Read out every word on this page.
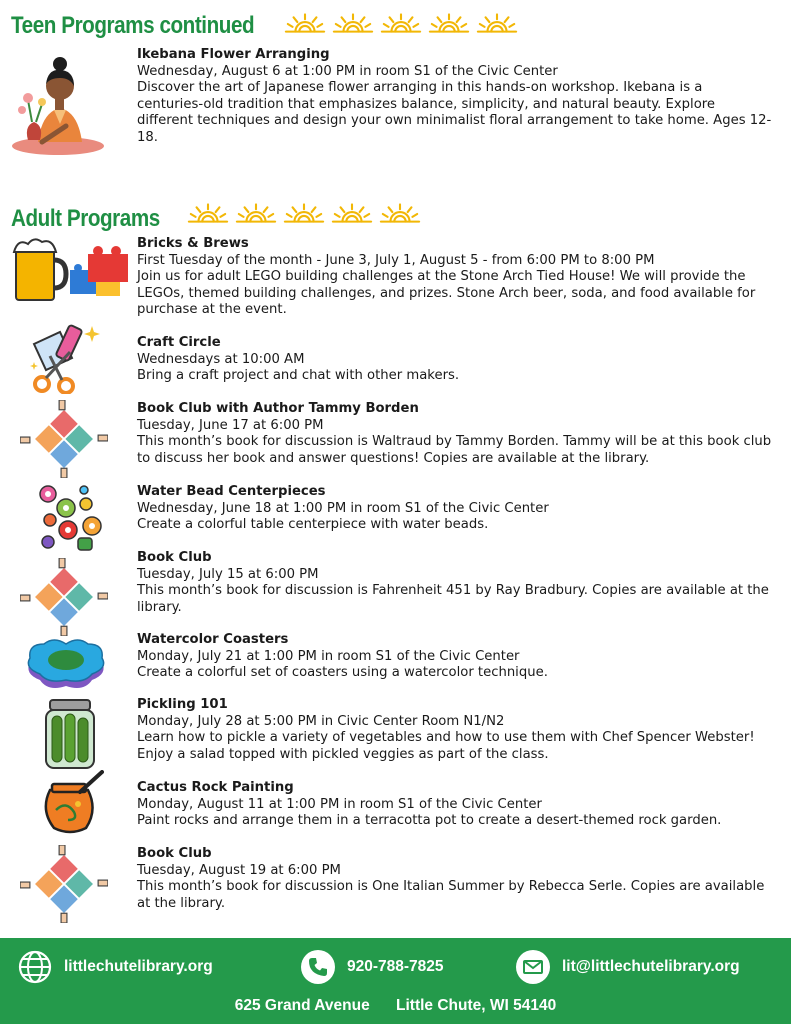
Teen Programs continued
Ikebana Flower Arranging
Wednesday, August 6 at 1:00 PM in room S1 of the Civic Center
Discover the art of Japanese flower arranging in this hands-on workshop. Ikebana is a centuries-old tradition that emphasizes balance, simplicity, and natural beauty. Explore different techniques and design your own minimalist floral arrangement to take home. Ages 12-18.
Adult Programs
Bricks & Brews
First Tuesday of the month - June 3, July 1, August 5 - from 6:00 PM to 8:00 PM
Join us for adult LEGO building challenges at the Stone Arch Tied House! We will provide the LEGOs, themed building challenges, and prizes. Stone Arch beer, soda, and food available for purchase at the event.
Craft Circle
Wednesdays at 10:00 AM
Bring a craft project and chat with other makers.
Book Club with Author Tammy Borden
Tuesday, June 17 at 6:00 PM
This month’s book for discussion is Waltraud by Tammy Borden. Tammy will be at this book club to discuss her book and answer questions! Copies are available at the library.
Water Bead Centerpieces
Wednesday, June 18 at 1:00 PM in room S1 of the Civic Center
Create a colorful table centerpiece with water beads.
Book Club
Tuesday, July 15 at 6:00 PM
This month’s book for discussion is Fahrenheit 451 by Ray Bradbury. Copies are available at the library.
Watercolor Coasters
Monday, July 21 at 1:00 PM in room S1 of the Civic Center
Create a colorful set of coasters using a watercolor technique.
Pickling 101
Monday, July 28 at 5:00 PM in Civic Center Room N1/N2
Learn how to pickle a variety of vegetables and how to use them with Chef Spencer Webster! Enjoy a salad topped with pickled veggies as part of the class.
Cactus Rock Painting
Monday, August 11 at 1:00 PM in room S1 of the Civic Center
Paint rocks and arrange them in a terracotta pot to create a desert-themed rock garden.
Book Club
Tuesday, August 19 at 6:00 PM
This month’s book for discussion is One Italian Summer by Rebecca Serle. Copies are available at the library.
littlechutelibrary.org	920-788-7825	lit@littlechutelibrary.org
625 Grand Avenue Little Chute, WI 54140
